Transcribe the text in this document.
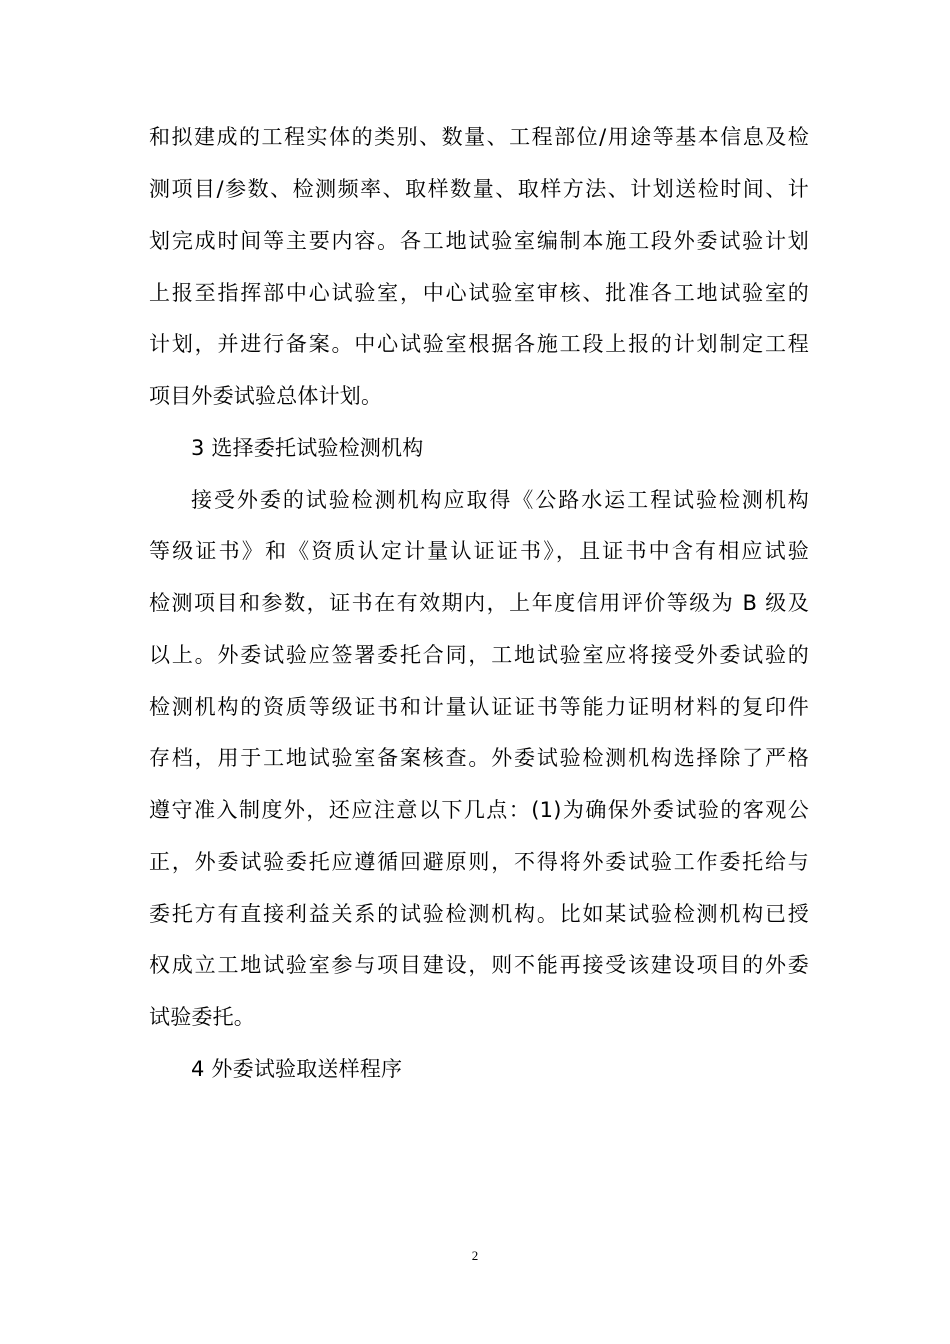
和拟建成的工程实体的类别、数量、工程部位/用途等基本信息及检
测项目/参数、检测频率、取样数量、取样方法、计划送检时间、计
划完成时间等主要内容。各工地试验室编制本施工段外委试验计划
上报至指挥部中心试验室，中心试验室审核、批准各工地试验室的
计划，并进行备案。中心试验室根据各施工段上报的计划制定工程
项目外委试验总体计划。
3 选择委托试验检测机构
接受外委的试验检测机构应取得《公路水运工程试验检测机构
等级证书》和《资质认定计量认证证书》，且证书中含有相应试验
检测项目和参数，证书在有效期内，上年度信用评价等级为 B 级及
以上。外委试验应签署委托合同，工地试验室应将接受外委试验的
检测机构的资质等级证书和计量认证证书等能力证明材料的复印件
存档，用于工地试验室备案核查。外委试验检测机构选择除了严格
遵守准入制度外，还应注意以下几点：(1)为确保外委试验的客观公
正，外委试验委托应遵循回避原则，不得将外委试验工作委托给与
委托方有直接利益关系的试验检测机构。比如某试验检测机构已授
权成立工地试验室参与项目建设，则不能再接受该建设项目的外委
试验委托。
4 外委试验取送样程序
2
